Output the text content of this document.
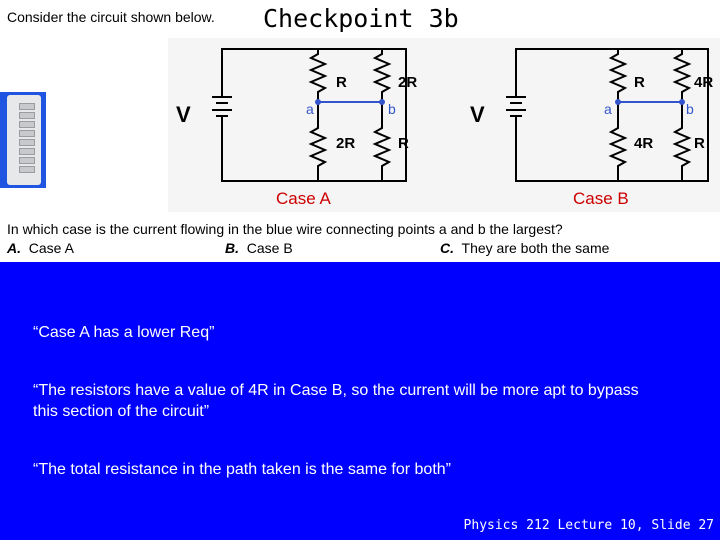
Consider the circuit shown below. Checkpoint 3b
V
R	2R
2R	R
a	b
Case A
V
R	4R
4R	R
a	b
Case B
In which case is the current flowing in the blue wire connecting points a and b the largest?
A. Case A	B. Case B	C. They are both the same
“Case A has a lower Req”
“The resistors have a value of 4R in Case B, so the current will be more apt to bypass this section of the circuit”
“The total resistance in the path taken is the same for both”
Physics 212 Lecture 10, Slide 27
